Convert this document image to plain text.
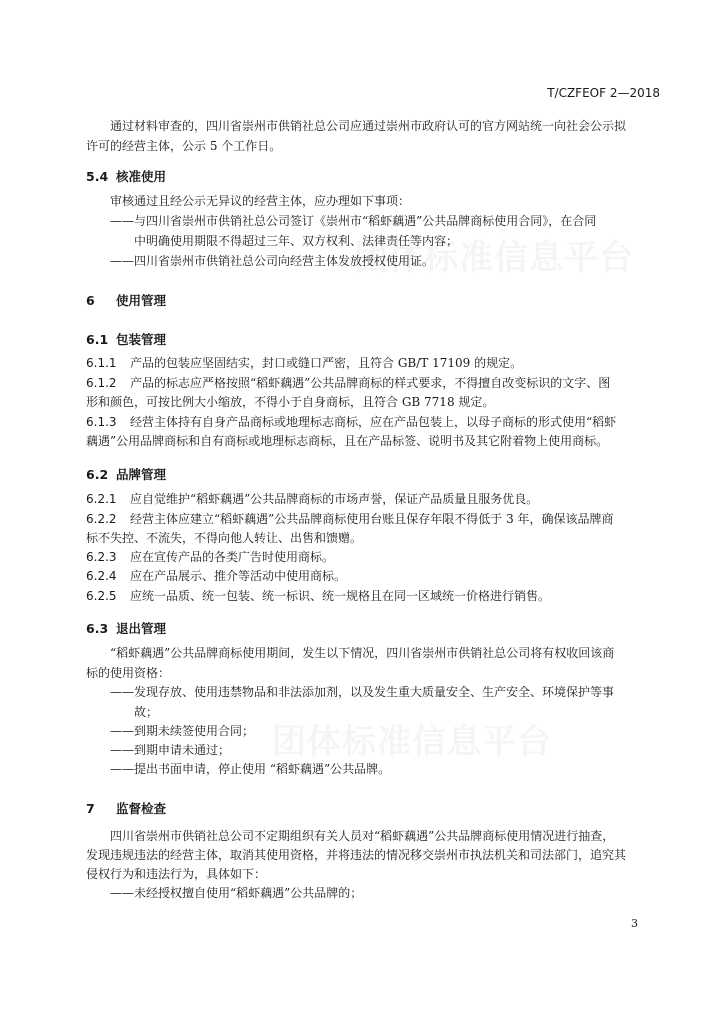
T/CZFEOF 2—2018
通过材料审查的，四川省崇州市供销社总公司应通过崇州市政府认可的官方网站统一向社会公示拟
许可的经营主体，公示 5 个工作日。
5.4 核准使用
审核通过且经公示无异议的经营主体，应办理如下事项：
——与四川省崇州市供销社总公司签订《崇州市“稻虾藕遇”公共品牌商标使用合同》，在合同
中明确使用期限不得超过三年、双方权利、法律责任等内容；
——四川省崇州市供销社总公司向经营主体发放授权使用证。
6 使用管理
6.1 包装管理
6.1.1 产品的包装应坚固结实，封口或缝口严密，且符合 GB/T 17109 的规定。
6.1.2 产品的标志应严格按照“稻虾藕遇”公共品牌商标的样式要求，不得擅自改变标识的文字、图
形和颜色，可按比例大小缩放，不得小于自身商标，且符合 GB 7718 规定。
6.1.3 经营主体持有自身产品商标或地理标志商标，应在产品包装上，以母子商标的形式使用“稻虾
藕遇”公用品牌商标和自有商标或地理标志商标，且在产品标签、说明书及其它附着物上使用商标。
6.2 品牌管理
6.2.1 应自觉维护“稻虾藕遇”公共品牌商标的市场声誉，保证产品质量且服务优良。
6.2.2 经营主体应建立“稻虾藕遇”公共品牌商标使用台账且保存年限不得低于 3 年，确保该品牌商
标不失控、不流失，不得向他人转让、出售和馈赠。
6.2.3 应在宣传产品的各类广告时使用商标。
6.2.4 应在产品展示、推介等活动中使用商标。
6.2.5 应统一品质、统一包装、统一标识、统一规格且在同一区域统一价格进行销售。
6.3 退出管理
“稻虾藕遇”公共品牌商标使用期间，发生以下情况，四川省崇州市供销社总公司将有权收回该商
标的使用资格：
——发现存放、使用违禁物品和非法添加剂，以及发生重大质量安全、生产安全、环境保护等事
故；
——到期未续签使用合同；
——到期申请未通过；
——提出书面申请，停止使用 “稻虾藕遇”公共品牌。
7 监督检查
四川省崇州市供销社总公司不定期组织有关人员对“稻虾藕遇”公共品牌商标使用情况进行抽查，
发现违规违法的经营主体，取消其使用资格，并将违法的情况移交崇州市执法机关和司法部门，追究其
侵权行为和违法行为，具体如下：
——未经授权擅自使用“稻虾藕遇”公共品牌的；
3
